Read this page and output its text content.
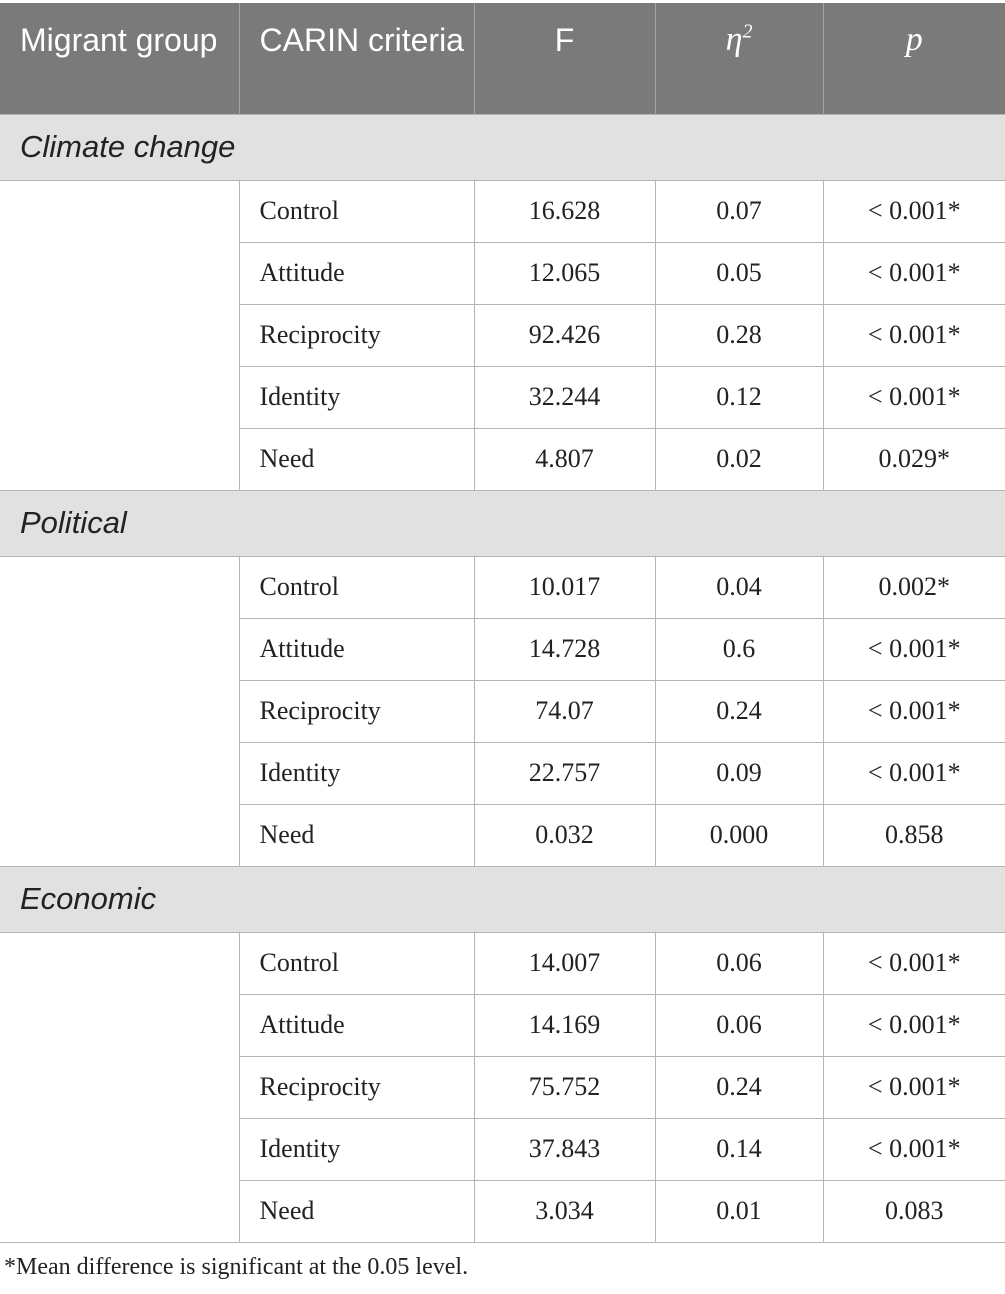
Migrant group	CARIN criteria	F	$\eta^2$	p
Climate change				
	Control	16.628	0.07	< 0.001*
	Attitude	12.065	0.05	< 0.001*
	Reciprocity	92.426	0.28	< 0.001*
	Identity	32.244	0.12	< 0.001*
	Need	4.807	0.02	0.029*
Political				
	Control	10.017	0.04	0.002*
	Attitude	14.728	0.6	< 0.001*
	Reciprocity	74.07	0.24	< 0.001*
	Identity	22.757	0.09	< 0.001*
	Need	0.032	0.000	0.858
Economic				
	Control	14.007	0.06	< 0.001*
	Attitude	14.169	0.06	< 0.001*
	Reciprocity	75.752	0.24	< 0.001*
	Identity	37.843	0.14	< 0.001*
	Need	3.034	0.01	0.083
*Mean difference is significant at the 0.05 level.
